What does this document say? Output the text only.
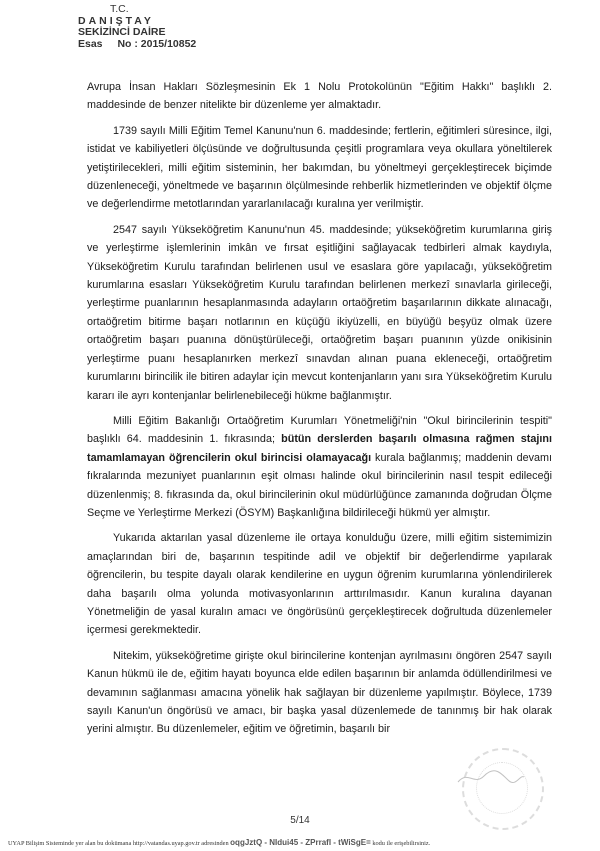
T.C.
DANIŞTAY
SEKİZİNCİ DAİRE
Esas No : 2015/10852

Avrupa İnsan Hakları Sözleşmesinin Ek 1 Nolu Protokolünün "Eğitim Hakkı" başlıklı 2. maddesinde de benzer nitelikte bir düzenleme yer almaktadır.

1739 sayılı Milli Eğitim Temel Kanunu'nun 6. maddesinde; fertlerin, eğitimleri süresince, ilgi, istidat ve kabiliyetleri ölçüsünde ve doğrultusunda çeşitli programlara veya okullara yöneltilerek yetiştirilecekleri, milli eğitim sisteminin, her bakımdan, bu yöneltmeyi gerçekleştirecek biçimde düzenleneceği, yöneltmede ve başarının ölçülmesinde rehberlik hizmetlerinden ve objektif ölçme ve değerlendirme metotlarından yararlanılacağı kuralına yer verilmiştir.

2547 sayılı Yükseköğretim Kanunu'nun 45. maddesinde; yükseköğretim kurumlarına giriş ve yerleştirme işlemlerinin imkân ve fırsat eşitliğini sağlayacak tedbirleri almak kaydıyla, Yükseköğretim Kurulu tarafından belirlenen usul ve esaslara göre yapılacağı, yükseköğretim kurumlarına esasları Yükseköğretim Kurulu tarafından belirlenen merkezî sınavlarla girileceği, yerleştirme puanlarının hesaplanmasında adayların ortaöğretim başarılarının dikkate alınacağı, ortaöğretim bitirme başarı notlarının en küçüğü ikiyüzelli, en büyüğü beşyüz olmak üzere ortaöğretim başarı puanına dönüştürüleceği, ortaöğretim başarı puanının yüzde onikisinin yerleştirme puanı hesaplanırken merkezî sınavdan alınan puana ekleneceği, ortaöğretim kurumlarını birincilik ile bitiren adaylar için mevcut kontenjanların yanı sıra Yükseköğretim Kurulu kararı ile ayrı kontenjanlar belirlenebileceği hükme bağlanmıştır.

Milli Eğitim Bakanlığı Ortaöğretim Kurumları Yönetmeliği'nin "Okul birincilerinin tespiti" başlıklı 64. maddesinin 1. fıkrasında; bütün derslerden başarılı olmasına rağmen stajını tamamlamayan öğrencilerin okul birincisi olamayacağı kurala bağlanmış; maddenin devamı fıkralarında mezuniyet puanlarının eşit olması halinde okul birincilerinin nasıl tespit edileceği düzenlenmiş; 8. fıkrasında da, okul birincilerinin okul müdürlüğünce zamanında doğrudan Ölçme Seçme ve Yerleştirme Merkezi (ÖSYM) Başkanlığına bildirileceği hükmü yer almıştır.

Yukarıda aktarılan yasal düzenleme ile ortaya konulduğu üzere, milli eğitim sistemimizin amaçlarından biri de, başarının tespitinde adil ve objektif bir değerlendirme yapılarak öğrencilerin, bu tespite dayalı olarak kendilerine en uygun öğrenim kurumlarına yönlendirilerek daha başarılı olma yolunda motivasyonlarının arttırılmasıdır. Kanun kuralına dayanan Yönetmeliğin de yasal kuralın amacı ve öngörüsünü gerçekleştirecek doğrultuda düzenlemeler içermesi gerekmektedir.

Nitekim, yükseköğretime girişte okul birincilerine kontenjan ayrılmasını öngören 2547 sayılı Kanun hükmü ile de, eğitim hayatı boyunca elde edilen başarının bir anlamda ödüllendirilmesi ve devamının sağlanması amacına yönelik hak sağlayan bir düzenleme yapılmıştır. Böylece, 1739 sayılı Kanun'un öngörüsü ve amacı, bir başka yasal düzenlemede de tanınmış bir hak olarak yerini almıştır. Bu düzenlemeler, eğitim ve öğretimin, başarılı bir

5/14
UYAP Bilişim Sisteminde yer alan bu dokümana http://vatandas.uyap.gov.tr adresinden oqgJztQ - NIdui45 - ZPrrafI - tWiSgE= kodu ile erişebilirsiniz.
